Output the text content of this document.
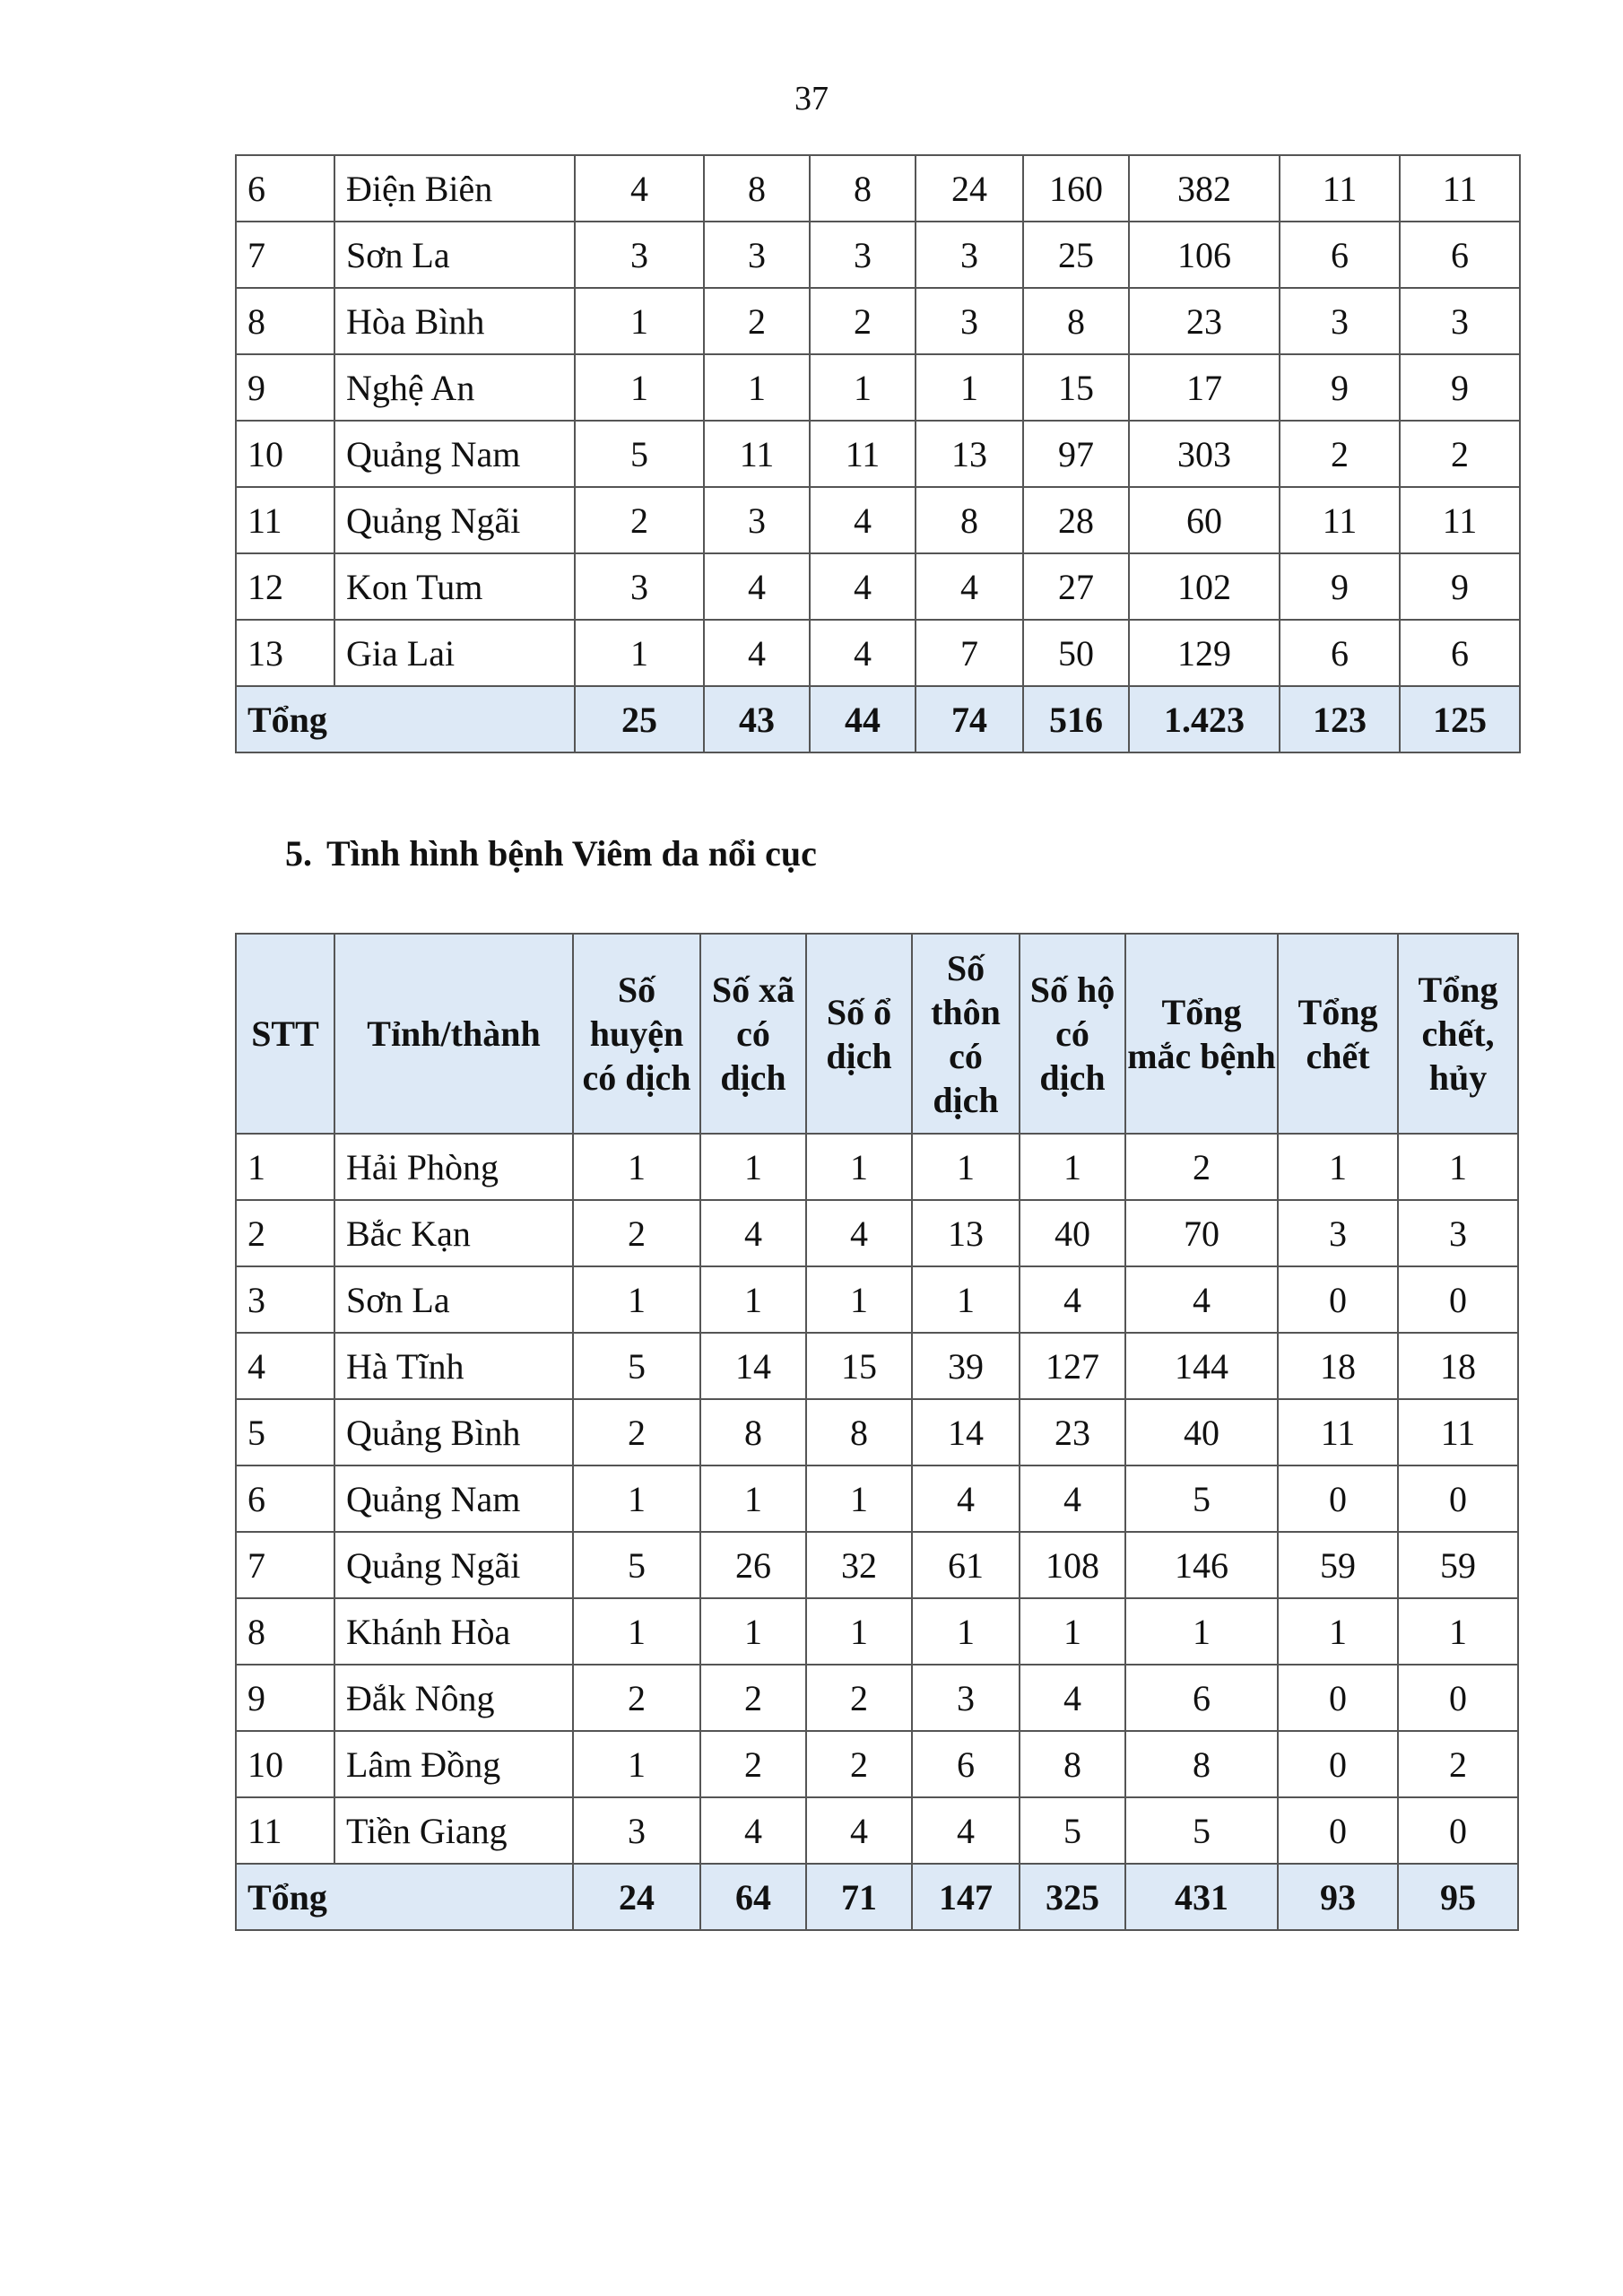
37
6	Điện Biên	4	8	8	24	160	382	11	11
7	Sơn La	3	3	3	3	25	106	6	6
8	Hòa Bình	1	2	2	3	8	23	3	3
9	Nghệ An	1	1	1	1	15	17	9	9
10	Quảng Nam	5	11	11	13	97	303	2	2
11	Quảng Ngãi	2	3	4	8	28	60	11	11
12	Kon Tum	3	4	4	4	27	102	9	9
13	Gia Lai	1	4	4	7	50	129	6	6
Tổng		25	43	44	74	516	1.423	123	125
5. Tình hình bệnh Viêm da nổi cục
STT	Tỉnh/thành	Số huyện có dịch	Số xã có dịch	Số ổ dịch	Số thôn có dịch	Số hộ có dịch	Tổng mắc bệnh	Tổng chết	Tổng chết, hủy
1	Hải Phòng	1	1	1	1	1	2	1	1
2	Bắc Kạn	2	4	4	13	40	70	3	3
3	Sơn La	1	1	1	1	4	4	0	0
4	Hà Tĩnh	5	14	15	39	127	144	18	18
5	Quảng Bình	2	8	8	14	23	40	11	11
6	Quảng Nam	1	1	1	4	4	5	0	0
7	Quảng Ngãi	5	26	32	61	108	146	59	59
8	Khánh Hòa	1	1	1	1	1	1	1	1
9	Đắk Nông	2	2	2	3	4	6	0	0
10	Lâm Đồng	1	2	2	6	8	8	0	2
11	Tiền Giang	3	4	4	4	5	5	0	0
Tổng		24	64	71	147	325	431	93	95
